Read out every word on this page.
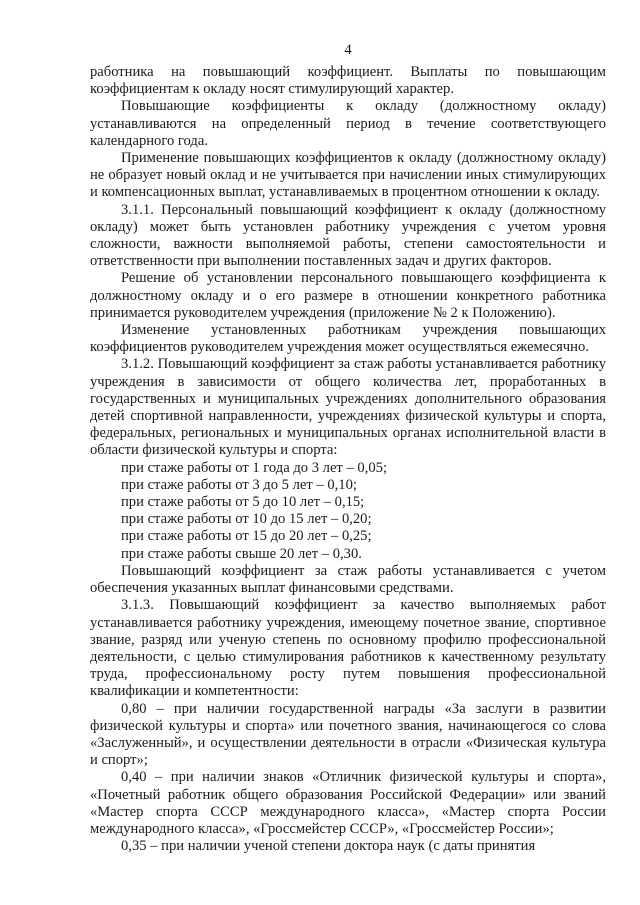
4

работника на повышающий коэффициент. Выплаты по повышающим коэффициентам к окладу носят стимулирующий характер.

Повышающие коэффициенты к окладу (должностному окладу) устанавливаются на определенный период в течение соответствующего календарного года.

Применение повышающих коэффициентов к окладу (должностному окладу) не образует новый оклад и не учитывается при начислении иных стимулирующих и компенсационных выплат, устанавливаемых в процентном отношении к окладу.

3.1.1. Персональный повышающий коэффициент к окладу (должностному окладу) может быть установлен работнику учреждения с учетом уровня сложности, важности выполняемой работы, степени самостоятельности и ответственности при выполнении поставленных задач и других факторов.

Решение об установлении персонального повышающего коэффициента к должностному окладу и о его размере в отношении конкретного работника принимается руководителем учреждения (приложение № 2 к Положению).

Изменение установленных работникам учреждения повышающих коэффициентов руководителем учреждения может осуществляться ежемесячно.

3.1.2. Повышающий коэффициент за стаж работы устанавливается работнику учреждения в зависимости от общего количества лет, проработанных в государственных и муниципальных учреждениях дополнительного образования детей спортивной направленности, учреждениях физической культуры и спорта, федеральных, региональных и муниципальных органах исполнительной власти в области физической культуры и спорта:

при стаже работы от 1 года до 3 лет – 0,05;
при стаже работы от 3 до 5 лет – 0,10;
при стаже работы от 5 до 10 лет – 0,15;
при стаже работы от 10 до 15 лет – 0,20;
при стаже работы от 15 до 20 лет – 0,25;
при стаже работы свыше 20 лет – 0,30.

Повышающий коэффициент за стаж работы устанавливается с учетом обеспечения указанных выплат финансовыми средствами.

3.1.3. Повышающий коэффициент за качество выполняемых работ устанавливается работнику учреждения, имеющему почетное звание, спортивное звание, разряд или ученую степень по основному профилю профессиональной деятельности, с целью стимулирования работников к качественному результату труда, профессиональному росту путем повышения профессиональной квалификации и компетентности:

0,80 – при наличии государственной награды «За заслуги в развитии физической культуры и спорта» или почетного звания, начинающегося со слова «Заслуженный», и осуществлении деятельности в отрасли «Физическая культура и спорт»;

0,40 – при наличии знаков «Отличник физической культуры и спорта», «Почетный работник общего образования Российской Федерации» или званий «Мастер спорта СССР международного класса», «Мастер спорта России международного класса», «Гроссмейстер СССР», «Гроссмейстер России»;

0,35 – при наличии ученой степени доктора наук (с даты принятия
